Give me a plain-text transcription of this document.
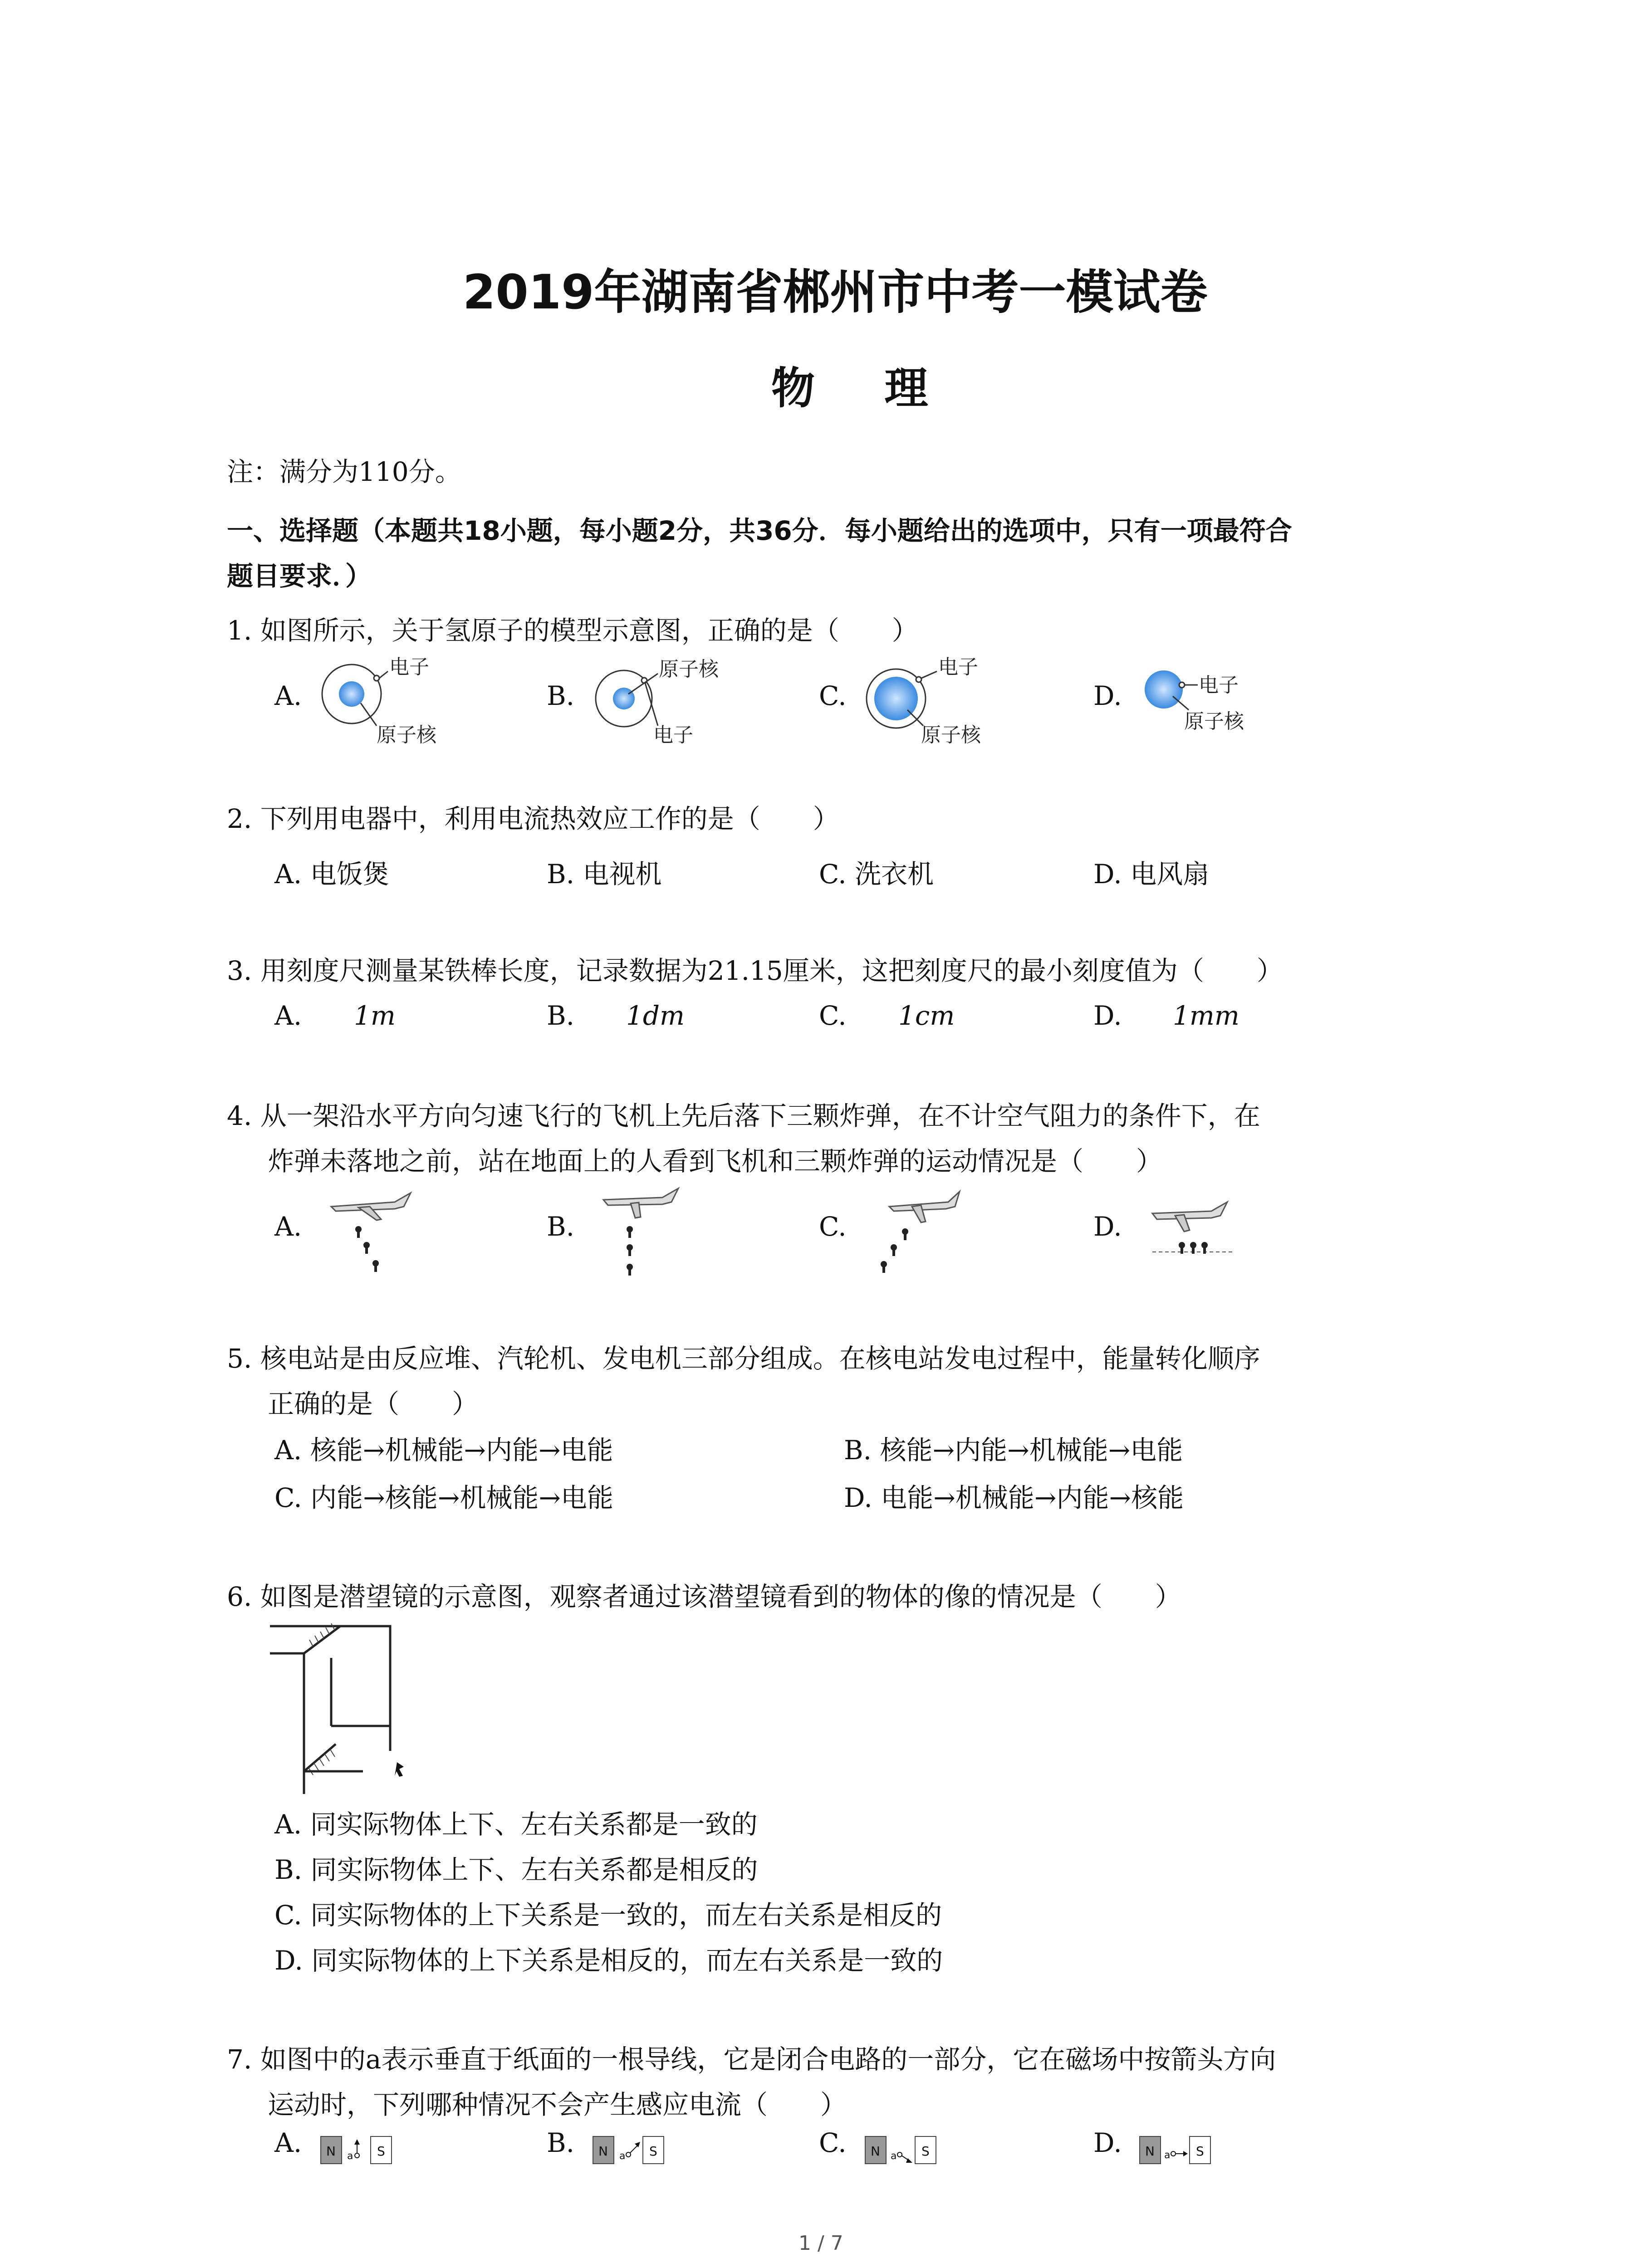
2019年湖南省郴州市中考一模试卷
物 理
注：满分为110分。
一、选择题（本题共18小题，每小题2分，共36分．每小题给出的选项中，只有一项最符合
题目要求．）
1. 如图所示，关于氢原子的模型示意图，正确的是（　　）
A.	B.	C.	D.
电子
原子核
原子核
电子
电子
原子核
电子
原子核
2. 下列用电器中，利用电流热效应工作的是（　　）
A. 电饭煲	B. 电视机	C. 洗衣机	D. 电风扇
3. 用刻度尺测量某铁棒长度，记录数据为21.15厘米，这把刻度尺的最小刻度值为（　　）
A. 1m	B. 1dm	C. 1cm	D. 1mm
4. 从一架沿水平方向匀速飞行的飞机上先后落下三颗炸弹，在不计空气阻力的条件下，在
炸弹未落地之前，站在地面上的人看到飞机和三颗炸弹的运动情况是（　　）
A.	B.	C.	D.
5. 核电站是由反应堆、汽轮机、发电机三部分组成。在核电站发电过程中，能量转化顺序
正确的是（　　）
A. 核能→机械能→内能→电能	B. 核能→内能→机械能→电能
C. 内能→核能→机械能→电能	D. 电能→机械能→内能→核能
6. 如图是潜望镜的示意图，观察者通过该潜望镜看到的物体的像的情况是（　　）
A. 同实际物体上下、左右关系都是一致的
B. 同实际物体上下、左右关系都是相反的
C. 同实际物体的上下关系是一致的，而左右关系是相反的
D. 同实际物体的上下关系是相反的，而左右关系是一致的
7. 如图中的a表示垂直于纸面的一根导线，它是闭合电路的一部分，它在磁场中按箭头方向
运动时，下列哪种情况不会产生感应电流（　　）
A.	B.	C.	D.
N a S	N a S	N a S	N a S
1 / 7
